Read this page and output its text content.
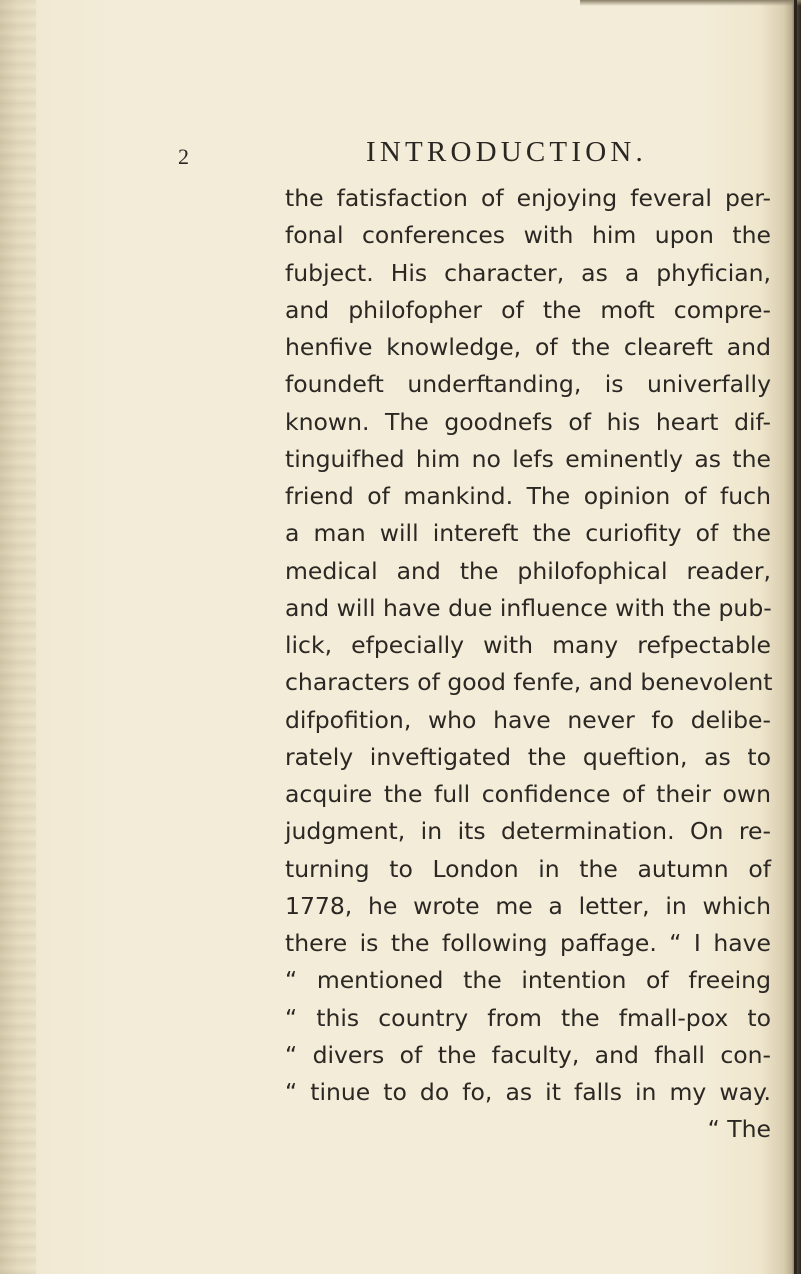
2	INTRODUCTION.
the fatisfaction of enjoying feveral per-
fonal conferences with him upon the
fubject. His character, as a phyfician,
and philofopher of the moft compre-
henfive knowledge, of the cleareft and
foundeft underftanding, is univerfally
known. The goodnefs of his heart dif-
tinguifhed him no lefs eminently as the
friend of mankind. The opinion of fuch
a man will intereft the curiofity of the
medical and the philofophical reader,
and will have due influence with the pub-
lick, efpecially with many refpectable
characters of good fenfe, and benevolent
difpofition, who have never fo delibe-
rately inveftigated the queftion, as to
acquire the full confidence of their own
judgment, in its determination. On re-
turning to London in the autumn of
1778, he wrote me a letter, in which
there is the following paffage. “ I have
“ mentioned the intention of freeing
“ this country from the fmall-pox to
“ divers of the faculty, and fhall con-
“ tinue to do fo, as it falls in my way.
“ The
